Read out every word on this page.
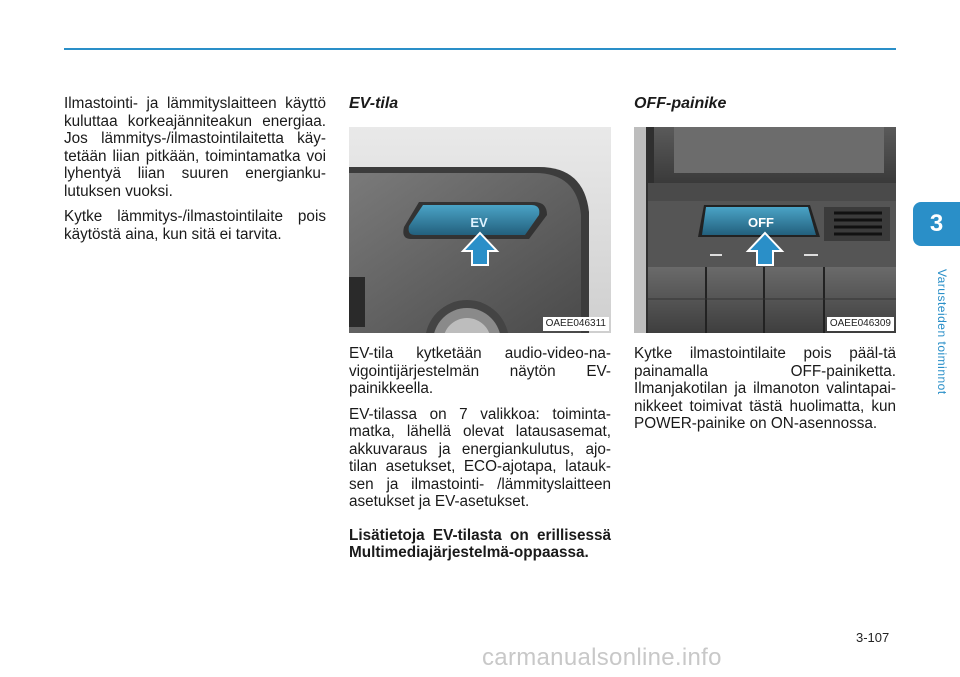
3
Varusteiden toiminnot

Ilmastointi- ja lämmityslaitteen käyttö kuluttaa korkeajänniteakun energiaa. Jos lämmitys-/ilmastointilaitetta käy-tetään liian pitkään, toimintamatka voi lyhentyä liian suuren energianku-lutuksen vuoksi.

Kytke lämmitys-/ilmastointilaite pois käytöstä aina, kun sitä ei tarvita.

EV-tila
EV
OAEE046311

EV-tila kytketään audio-video-na-vigointijärjestelmän näytön EV-painikkeella.

EV-tilassa on 7 valikkoa: toiminta-matka, lähellä olevat latausasemat, akkuvaraus ja energiankulutus, ajo-tilan asetukset, ECO-ajotapa, latauk-sen ja ilmastointi- /lämmityslaitteen asetukset ja EV-asetukset.

Lisätietoja EV-tilasta on erillisessä Multimediajärjestelmä-oppaassa.

OFF-painike
OFF
OAEE046309

Kytke ilmastointilaite pois pääl-tä painamalla OFF-painiketta. Ilmanjakotilan ja ilmanoton valintapai-nikkeet toimivat tästä huolimatta, kun POWER-painike on ON-asennossa.

3-107
carmanualsonline.info
